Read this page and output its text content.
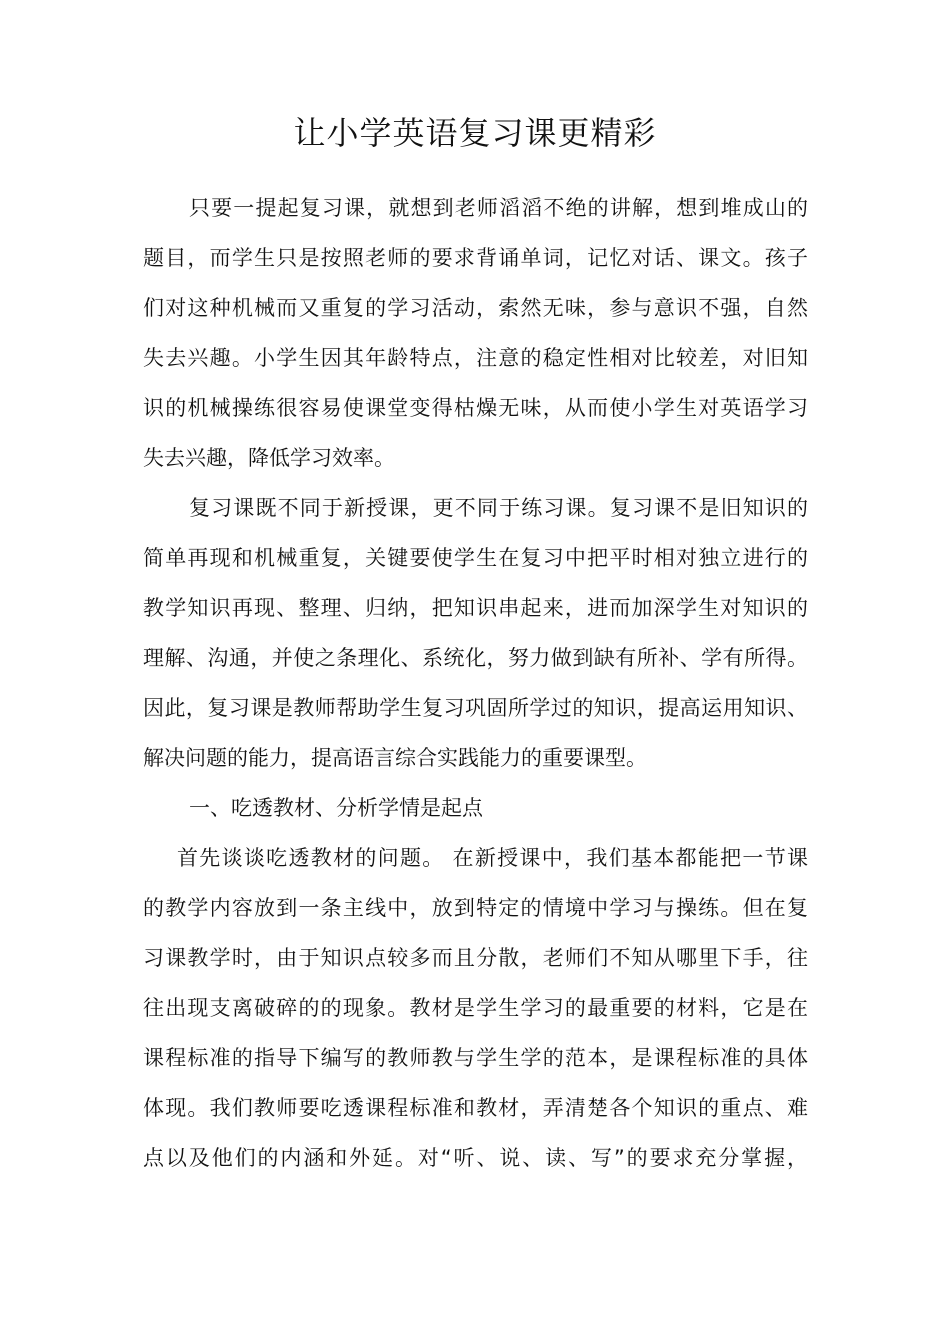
让小学英语复习课更精彩
只要一提起复习课，就想到老师滔滔不绝的讲解，想到堆成山的
题目，而学生只是按照老师的要求背诵单词，记忆对话、课文。孩子
们对这种机械而又重复的学习活动，索然无味，参与意识不强，自然
失去兴趣。小学生因其年龄特点，注意的稳定性相对比较差，对旧知
识的机械操练很容易使课堂变得枯燥无味，从而使小学生对英语学习
失去兴趣，降低学习效率。
复习课既不同于新授课，更不同于练习课。复习课不是旧知识的
简单再现和机械重复，关键要使学生在复习中把平时相对独立进行的
教学知识再现、整理、归纳，把知识串起来，进而加深学生对知识的
理解、沟通，并使之条理化、系统化，努力做到缺有所补、学有所得。
因此，复习课是教师帮助学生复习巩固所学过的知识，提高运用知识、
解决问题的能力，提高语言综合实践能力的重要课型。
一、吃透教材、分析学情是起点
首先谈谈吃透教材的问题。 在新授课中，我们基本都能把一节课
的教学内容放到一条主线中，放到特定的情境中学习与操练。但在复
习课教学时，由于知识点较多而且分散，老师们不知从哪里下手，往
往出现支离破碎的的现象。教材是学生学习的最重要的材料，它是在
课程标准的指导下编写的教师教与学生学的范本，是课程标准的具体
体现。我们教师要吃透课程标准和教材，弄清楚各个知识的重点、难
点以及他们的内涵和外延。对“听、说、读、写”的要求充分掌握，
